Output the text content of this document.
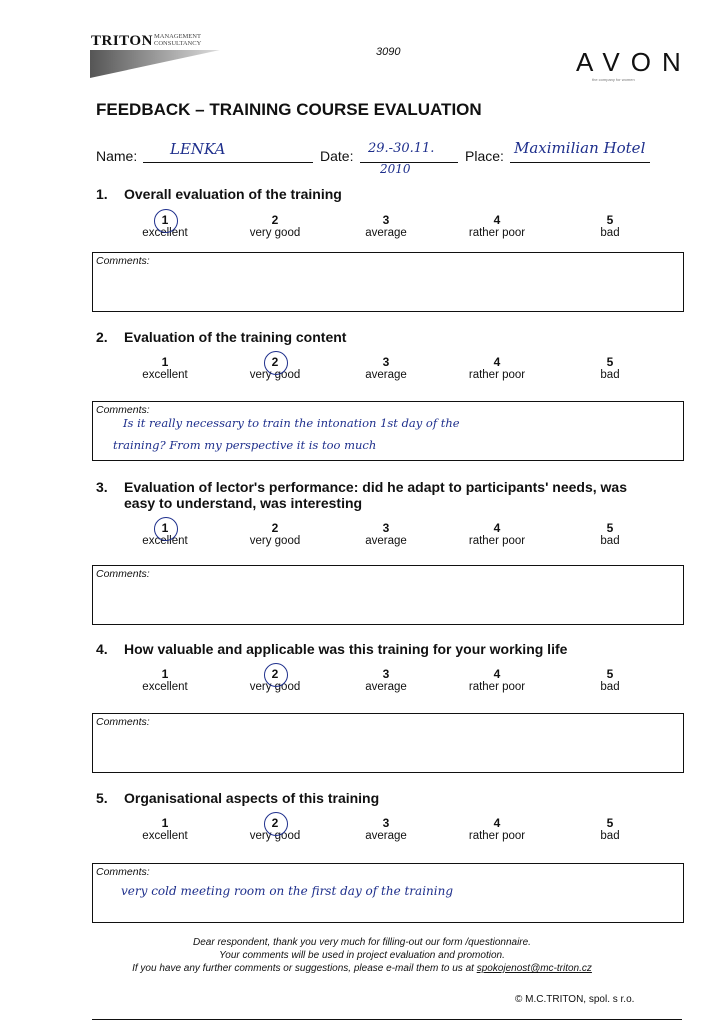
TRITON MANAGEMENT
CONSULTANCY
3090	AVON
the company for women
FEEDBACK – TRAINING COURSE EVALUATION
Name: LENKA	Date: 29.-30.11.
2010
Place: Maximilian Hotel
1. Overall evaluation of the training
1
excellent
2
very good
3
average
4
rather poor
5
bad
Comments:
2. Evaluation of the training content
1
excellent
2
very good
3
average
4
rather poor
5
bad
Comments:
Is it really necessary to train the intonation 1st day of the
training? From my perspective it is too much
3. Evaluation of lector's performance: did he adapt to participants' needs, was
easy to understand, was interesting
1
excellent
2
very good
3
average
4
rather poor
5
bad
Comments:
4. How valuable and applicable was this training for your working life
1
excellent
2
very good
3
average
4
rather poor
5
bad
Comments:
5. Organisational aspects of this training
1
excellent
2
very good
3
average
4
rather poor
5
bad
Comments:
very cold meeting room on the first day of the training
Dear respondent, thank you very much for filling-out our form /questionnaire.
Your comments will be used in project evaluation and promotion.
If you have any further comments or suggestions, please e-mail them to us at spokojenost@mc-triton.cz
© M.C.TRITON, spol. s r.o.
